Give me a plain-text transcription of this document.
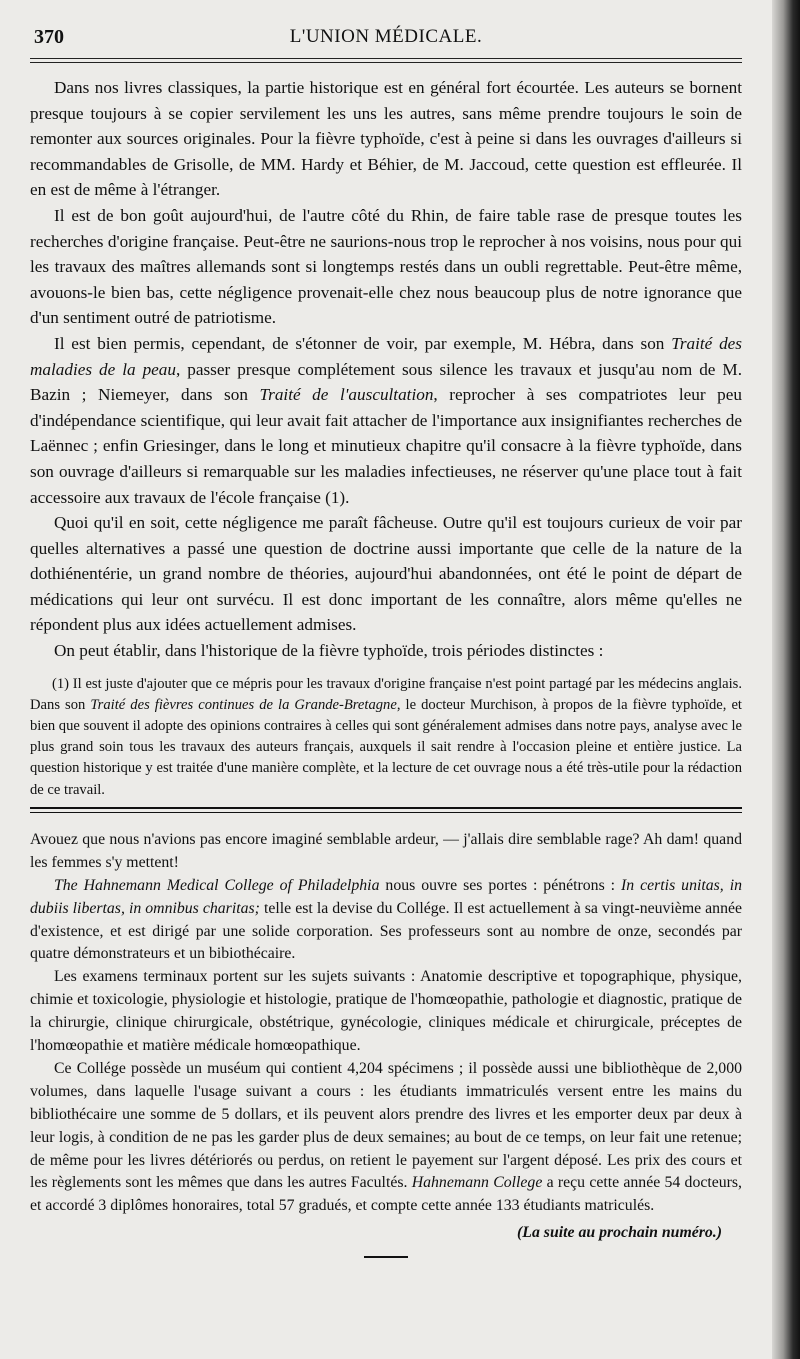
370	L'UNION MÉDICALE.

Dans nos livres classiques, la partie historique est en général fort écourtée. Les auteurs se bornent presque toujours à se copier servilement les uns les autres, sans même prendre toujours le soin de remonter aux sources originales. Pour la fièvre typhoïde, c'est à peine si dans les ouvrages d'ailleurs si recommandables de Grisolle, de MM. Hardy et Béhier, de M. Jaccoud, cette question est effleurée. Il en est de même à l'étranger.

Il est de bon goût aujourd'hui, de l'autre côté du Rhin, de faire table rase de presque toutes les recherches d'origine française. Peut-être ne saurions-nous trop le reprocher à nos voisins, nous pour qui les travaux des maîtres allemands sont si longtemps restés dans un oubli regrettable. Peut-être même, avouons-le bien bas, cette négligence provenait-elle chez nous beaucoup plus de notre ignorance que d'un sentiment outré de patriotisme.

Il est bien permis, cependant, de s'étonner de voir, par exemple, M. Hébra, dans son Traité des maladies de la peau, passer presque complétement sous silence les travaux et jusqu'au nom de M. Bazin ; Niemeyer, dans son Traité de l'auscultation, reprocher à ses compatriotes leur peu d'indépendance scientifique, qui leur avait fait attacher de l'importance aux insignifiantes recherches de Laënnec ; enfin Griesinger, dans le long et minutieux chapitre qu'il consacre à la fièvre typhoïde, dans son ouvrage d'ailleurs si remarquable sur les maladies infectieuses, ne réserver qu'une place tout à fait accessoire aux travaux de l'école française (1).

Quoi qu'il en soit, cette négligence me paraît fâcheuse. Outre qu'il est toujours curieux de voir par quelles alternatives a passé une question de doctrine aussi importante que celle de la nature de la dothiénentérie, un grand nombre de théories, aujourd'hui abandonnées, ont été le point de départ de médications qui leur ont survécu. Il est donc important de les connaître, alors même qu'elles ne répondent plus aux idées actuellement admises.

On peut établir, dans l'historique de la fièvre typhoïde, trois périodes distinctes :

(1) Il est juste d'ajouter que ce mépris pour les travaux d'origine française n'est point partagé par les médecins anglais. Dans son Traité des fièvres continues de la Grande-Bretagne, le docteur Murchison, à propos de la fièvre typhoïde, et bien que souvent il adopte des opinions contraires à celles qui sont généralement admises dans notre pays, analyse avec le plus grand soin tous les travaux des auteurs français, auxquels il sait rendre à l'occasion pleine et entière justice. La question historique y est traitée d'une manière complète, et la lecture de cet ouvrage nous a été très-utile pour la rédaction de ce travail.

Avouez que nous n'avions pas encore imaginé semblable ardeur, — j'allais dire semblable rage? Ah dam! quand les femmes s'y mettent!

The Hahnemann Medical College of Philadelphia nous ouvre ses portes : pénétrons : In certis unitas, in dubiis libertas, in omnibus charitas; telle est la devise du Collége. Il est actuellement à sa vingt-neuvième année d'existence, et est dirigé par une solide corporation. Ses professeurs sont au nombre de onze, secondés par quatre démonstrateurs et un bibiothécaire.

Les examens terminaux portent sur les sujets suivants : Anatomie descriptive et topographique, physique, chimie et toxicologie, physiologie et histologie, pratique de l'homœopathie, pathologie et diagnostic, pratique de la chirurgie, clinique chirurgicale, obstétrique, gynécologie, cliniques médicale et chirurgicale, préceptes de l'homœopathie et matière médicale homœopathique.

Ce Collége possède un muséum qui contient 4,204 spécimens ; il possède aussi une bibliothèque de 2,000 volumes, dans laquelle l'usage suivant a cours : les étudiants immatriculés versent entre les mains du bibliothécaire une somme de 5 dollars, et ils peuvent alors prendre des livres et les emporter deux par deux à leur logis, à condition de ne pas les garder plus de deux semaines; au bout de ce temps, on leur fait une retenue; de même pour les livres détériorés ou perdus, on retient le payement sur l'argent déposé. Les prix des cours et les règlements sont les mêmes que dans les autres Facultés. Hahnemann College a reçu cette année 54 docteurs, et accordé 3 diplômes honoraires, total 57 gradués, et compte cette année 133 étudiants matriculés.

(La suite au prochain numéro.)
